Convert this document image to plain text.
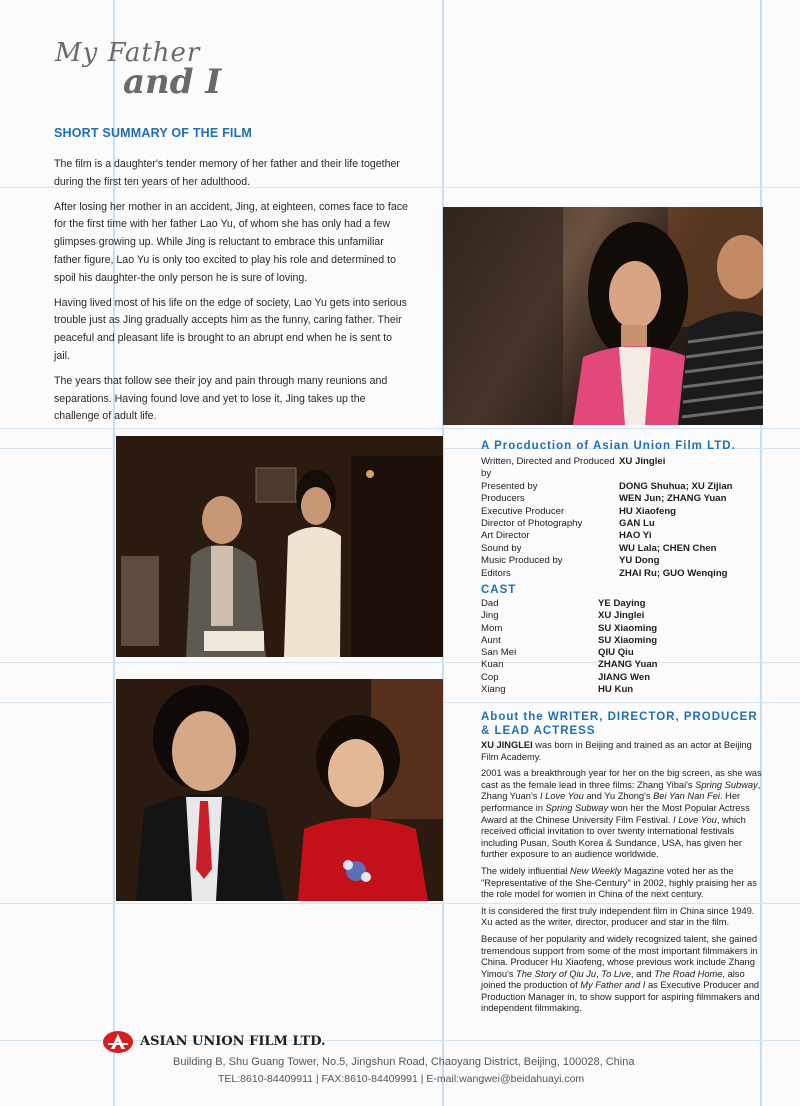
My Father
and I
SHORT SUMMARY OF THE FILM

The film is a daughter's tender memory of her father and their life together during the first ten years of her adulthood.

After losing her mother in an accident, Jing, at eighteen, comes face to face for the first time with her father Lao Yu, of whom she has only had a few glimpses growing up. While Jing is reluctant to embrace this unfamiliar father figure, Lao Yu is only too excited to play his role and determined to spoil his daughter-the only person he is sure of loving.

Having lived most of his life on the edge of society, Lao Yu gets into serious trouble just as Jing gradually accepts him as the funny, caring father. Their peaceful and pleasant life is brought to an abrupt end when he is sent to jail.

The years that follow see their joy and pain through many reunions and separations. Having found love and yet to lose it, Jing takes up the challenge of adult life.

A Procduction of Asian Union Film LTD.
Written, Directed and Produced by
XU Jinglei
Presented by	DONG Shuhua; XU Zijian
Producers	WEN Jun; ZHANG Yuan
Executive Producer	HU Xiaofeng
Director of Photography	GAN Lu
Art Director	HAO Yi
Sound by	WU Lala; CHEN Chen
Music Produced by	YU Dong
Editors	ZHAI Ru; GUO Wenqing
CAST
Dad	YE Daying
Jing	XU Jinglei
Mom	SU Xiaoming
Aunt	SU Xiaoming
San Mei	QIU Qiu
Kuan	ZHANG Yuan
Cop	JIANG Wen
Xiang	HU Kun
About the WRITER, DIRECTOR, PRODUCER & LEAD ACTRESS

XU JINGLEI was born in Beijing and trained as an actor at Beijing Film Academy.

2001 was a breakthrough year for her on the big screen, as she was cast as the female lead in three films: Zhang Yibai's Spring Subway, Zhang Yuan's I Love You and Yu Zhong's Bei Yan Nan Fei. Her performance in Spring Subway won her the Most Popular Actress Award at the Chinese University Film Festival. I Love You, which received official invitation to over twenty international festivals including Pusan, South Korea & Sundance, USA, has given her further exposure to an audience worldwide.

The widely influential New Weekly Magazine voted her as the "Representative of the She-Century" in 2002, highly praising her as the role model for women in China of the next century.

It is considered the first truly independent film in China since 1949. Xu acted as the writer, director, producer and star in the film.

Because of her popularity and widely recognized talent, she gained tremendous support from some of the most important filmmakers in China. Producer Hu Xiaofeng, whose previous work include Zhang Yimou's The Story of Qiu Ju, To Live, and The Road Home, also joined the production of My Father and I as Executive Producer and Production Manager in, to show support for aspiring filmmakers and independent filmmaking.

ASIAN UNION FILM LTD.
Building B, Shu Guang Tower, No.5, Jingshun Road, Chaoyang District, Beijing, 100028, China
TEL:8610-84409911 | FAX:8610-84409991 | E-mail:wangwei@beidahuayi.com
